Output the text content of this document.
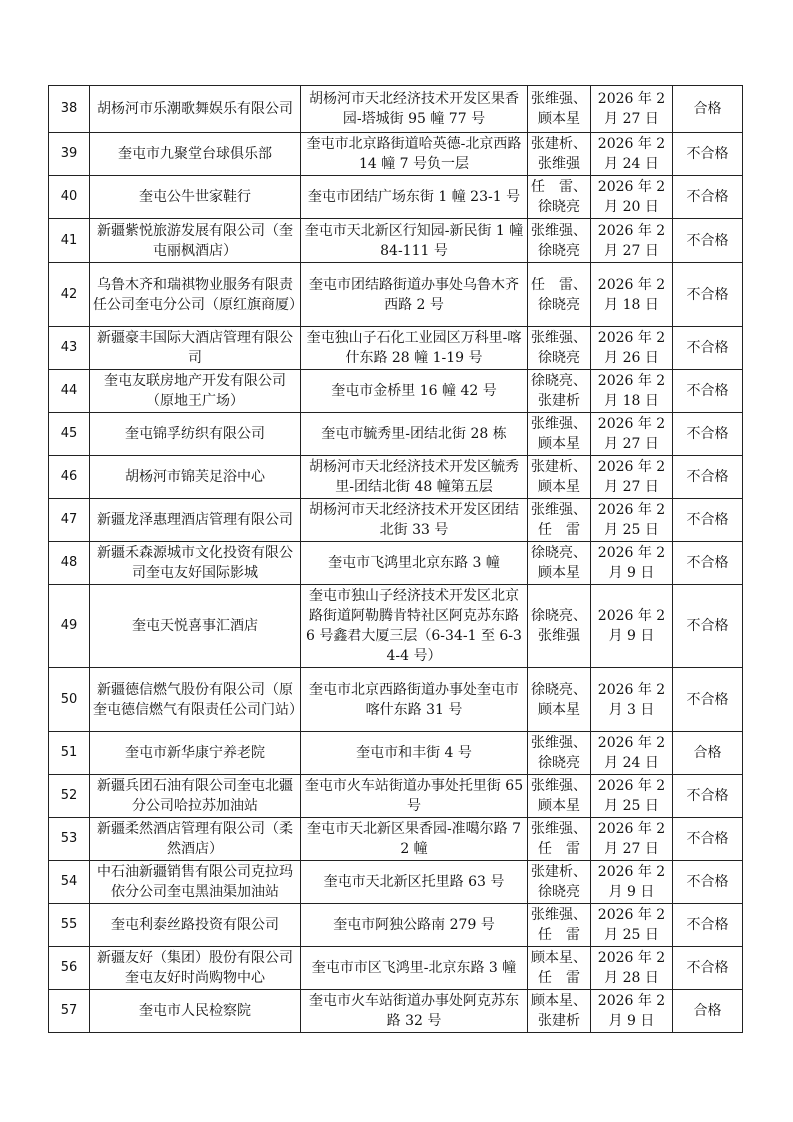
38	胡杨河市乐潮歌舞娱乐有限公司	胡杨河市天北经济技术开发区果香园-塔城街 95 幢 77 号	张维强、顾本星	2026 年 2 月 27 日	合格
39	奎屯市九聚堂台球俱乐部	奎屯市北京路街道哈英德-北京西路 14 幢 7 号负一层	张建析、张维强	2026 年 2 月 24 日	不合格
40	奎屯公牛世家鞋行	奎屯市团结广场东街 1 幢 23-1 号	任　雷、徐晓亮	2026 年 2 月 20 日	不合格
41	新疆紫悦旅游发展有限公司（奎屯丽枫酒店）	奎屯市天北新区行知园-新民街 1 幢 84-111 号	张维强、徐晓亮	2026 年 2 月 27 日	不合格
42	乌鲁木齐和瑞祺物业服务有限责任公司奎屯分公司（原红旗商厦）	奎屯市团结路街道办事处乌鲁木齐西路 2 号	任　雷、徐晓亮	2026 年 2 月 18 日	不合格
43	新疆豪丰国际大酒店管理有限公司	奎屯独山子石化工业园区万科里-喀什东路 28 幢 1-19 号	张维强、徐晓亮	2026 年 2 月 26 日	不合格
44	奎屯友联房地产开发有限公司（原地王广场）	奎屯市金桥里 16 幢 42 号	徐晓亮、张建析	2026 年 2 月 18 日	不合格
45	奎屯锦孚纺织有限公司	奎屯市毓秀里-团结北街 28 栋	张维强、顾本星	2026 年 2 月 27 日	不合格
46	胡杨河市锦芙足浴中心	胡杨河市天北经济技术开发区毓秀里-团结北街 48 幢第五层	张建析、顾本星	2026 年 2 月 27 日	不合格
47	新疆龙泽惠理酒店管理有限公司	胡杨河市天北经济技术开发区团结北街 33 号	张维强、任　雷	2026 年 2 月 25 日	不合格
48	新疆禾森源城市文化投资有限公司奎屯友好国际影城	奎屯市飞鸿里北京东路 3 幢	徐晓亮、顾本星	2026 年 2 月 9 日	不合格
49	奎屯天悦喜事汇酒店	奎屯市独山子经济技术开发区北京路街道阿勒腾肯特社区阿克苏东路 6 号鑫君大厦三层（6-34-1 至 6-34-4 号）	徐晓亮、张维强	2026 年 2 月 9 日	不合格
50	新疆德信燃气股份有限公司（原奎屯德信燃气有限责任公司门站）	奎屯市北京西路街道办事处奎屯市喀什东路 31 号	徐晓亮、顾本星	2026 年 2 月 3 日	不合格
51	奎屯市新华康宁养老院	奎屯市和丰街 4 号	张维强、徐晓亮	2026 年 2 月 24 日	合格
52	新疆兵团石油有限公司奎屯北疆分公司哈拉苏加油站	奎屯市火车站街道办事处托里街 65 号	张维强、顾本星	2026 年 2 月 25 日	不合格
53	新疆柔然酒店管理有限公司（柔然酒店）	奎屯市天北新区果香园-准噶尔路 72 幢	张维强、任　雷	2026 年 2 月 27 日	不合格
54	中石油新疆销售有限公司克拉玛依分公司奎屯黑油渠加油站	奎屯市天北新区托里路 63 号	张建析、徐晓亮	2026 年 2 月 9 日	不合格
55	奎屯利泰丝路投资有限公司	奎屯市阿独公路南 279 号	张维强、任　雷	2026 年 2 月 25 日	不合格
56	新疆友好（集团）股份有限公司奎屯友好时尚购物中心	奎屯市市区飞鸿里-北京东路 3 幢	顾本星、任　雷	2026 年 2 月 28 日	不合格
57	奎屯市人民检察院	奎屯市火车站街道办事处阿克苏东路 32 号	顾本星、张建析	2026 年 2 月 9 日	合格
